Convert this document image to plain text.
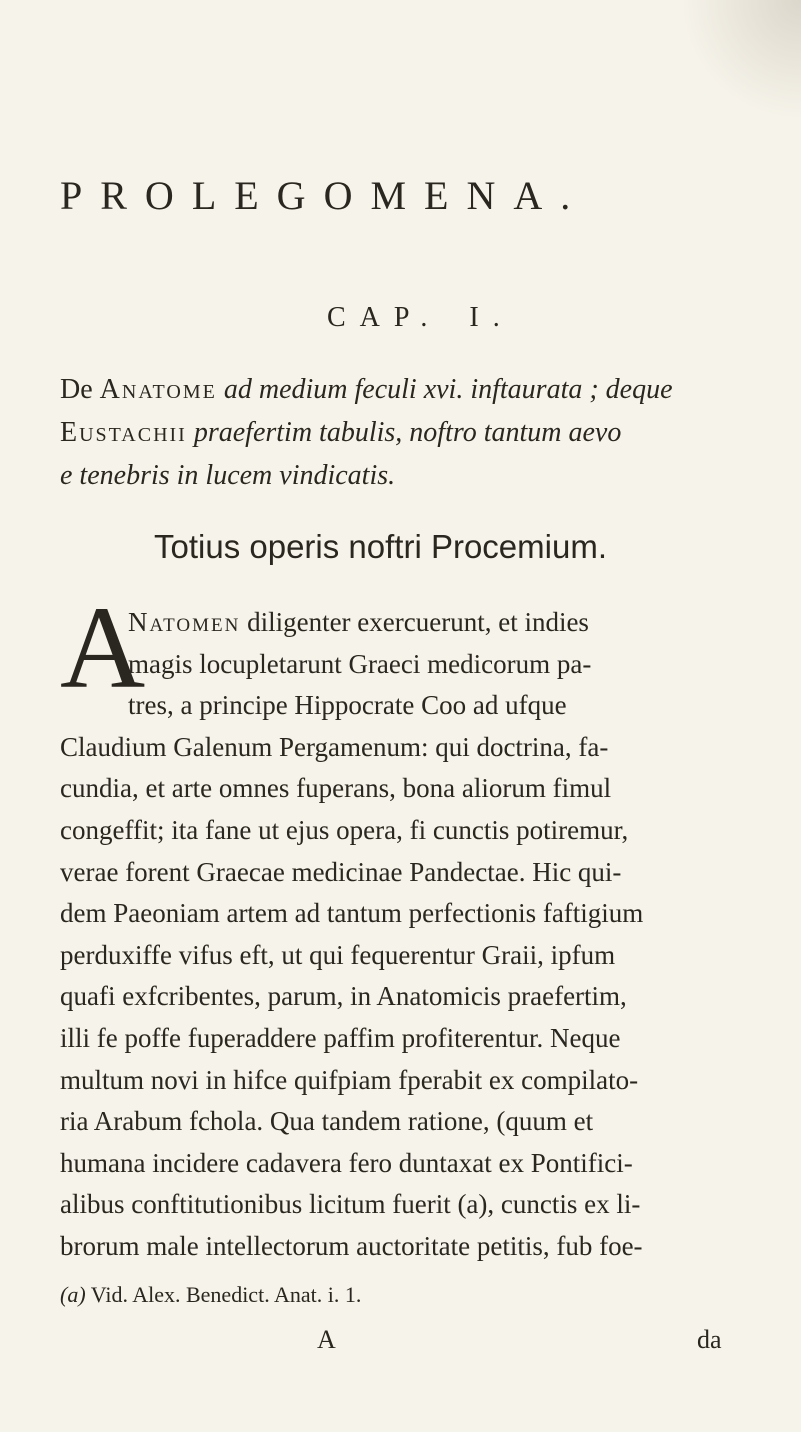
PROLEGOMENA.
CAP. I.
De Anatome ad medium feculi xvi. inftaurata ; deque
Eustachii praefertim tabulis, noftro tantum aevo
e tenebris in lucem vindicatis.
Totius operis noftri Procemium.
A
Natomen diligenter exercuerunt, et indies
magis locupletarunt Graeci medicorum pa-
tres, a principe Hippocrate Coo ad ufque
Claudium Galenum Pergamenum: qui doctrina, fa-
cundia, et arte omnes fuperans, bona aliorum fimul
congeffit; ita fane ut ejus opera, fi cunctis potiremur,
verae forent Graecae medicinae Pandectae. Hic qui-
dem Paeoniam artem ad tantum perfectionis faftigium
perduxiffe vifus eft, ut qui fequerentur Graii, ipfum
quafi exfcribentes, parum, in Anatomicis praefertim,
illi fe poffe fuperaddere paffim profiterentur. Neque
multum novi in hifce quifpiam fperabit ex compilato-
ria Arabum fchola. Qua tandem ratione, (quum et
humana incidere cadavera fero duntaxat ex Pontifici-
alibus conftitutionibus licitum fuerit (a), cunctis ex li-
brorum male intellectorum auctoritate petitis, fub foe-
(a) Vid. Alex. Benedict. Anat. i. 1.
A	da
